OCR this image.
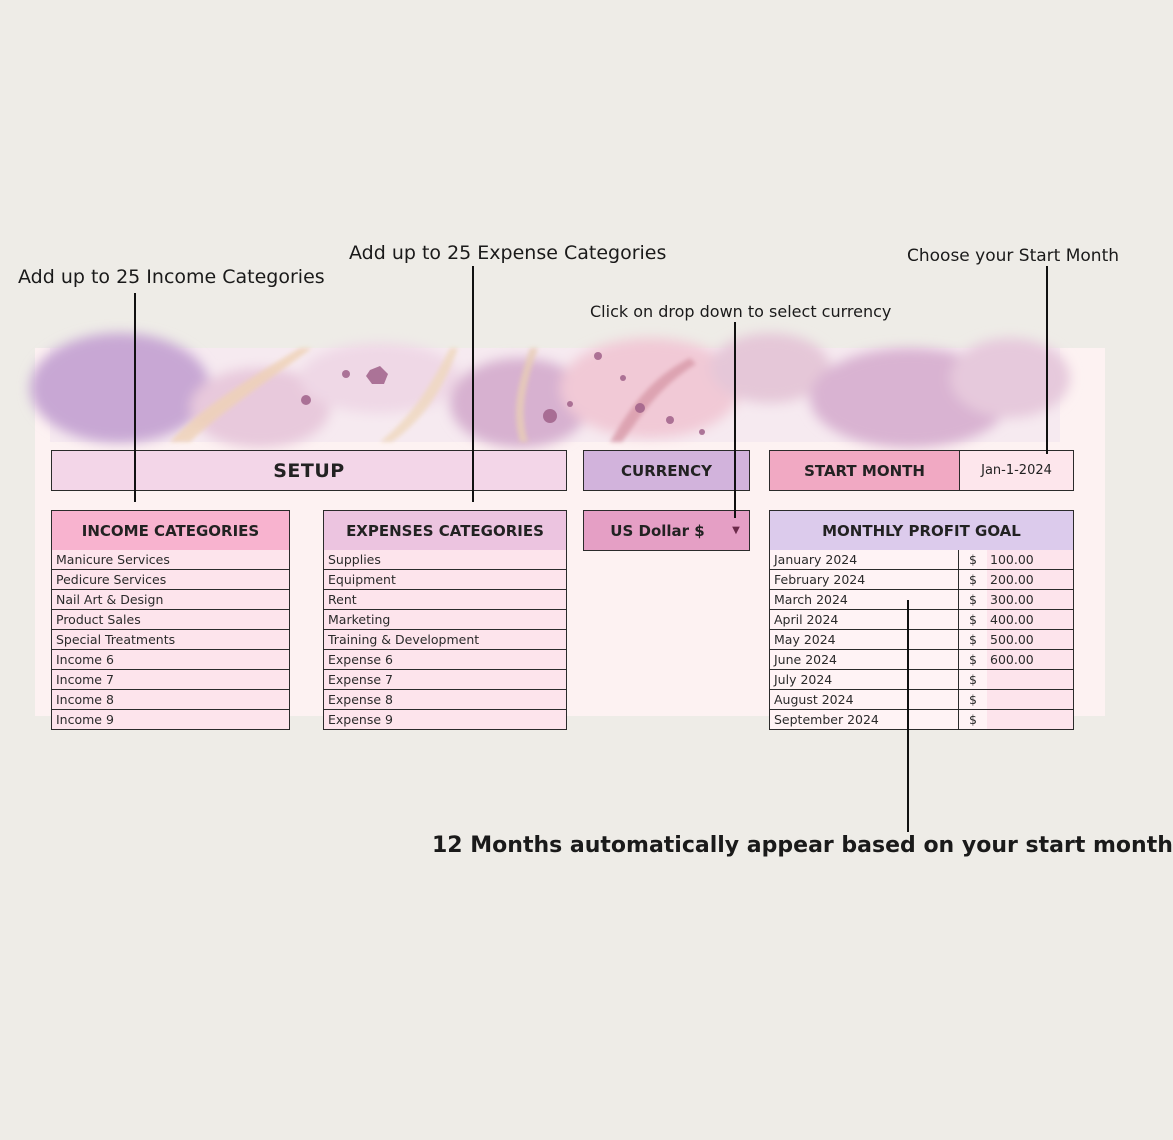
Add up to 25 Income Categories
Add up to 25 Expense Categories
Click on drop down to select currency
Choose your Start Month
12 Months automatically appear based on your start month
SETUP	CURRENCY	START MONTH	Jan-1-2024
INCOME CATEGORIES	EXPENSES CATEGORIES	MONTHLY PROFIT GOAL
US Dollar $	▼
Manicure Services
Pedicure Services
Nail Art & Design
Product Sales
Special Treatments
Income 6
Income 7
Income 8
Income 9
Supplies
Equipment
Rent
Marketing
Training & Development
Expense 6
Expense 7
Expense 8
Expense 9
January 2024	$	100.00
February 2024	$	200.00
March 2024	$	300.00
April 2024	$	400.00
May 2024	$	500.00
June 2024	$	600.00
July 2024	$
August 2024	$
September 2024	$
